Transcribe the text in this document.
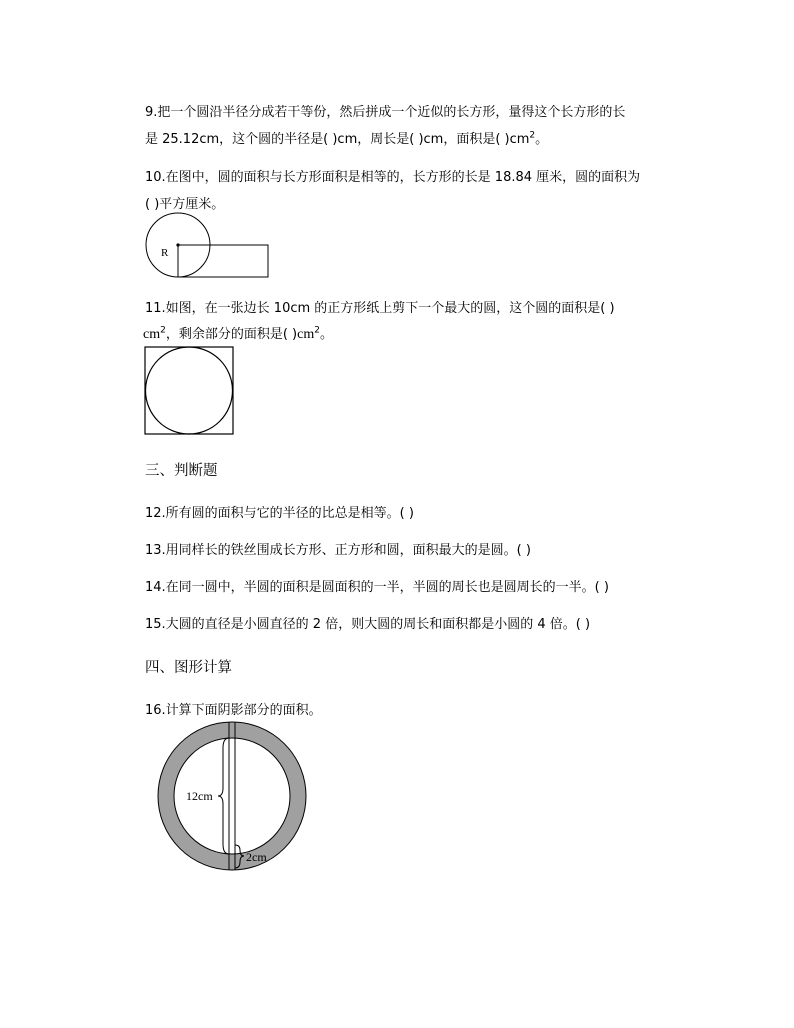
9.把一个圆沿半径分成若干等份，然后拼成一个近似的长方形，量得这个长方形的长
是 25.12cm，这个圆的半径是( )cm，周长是( )cm，面积是( )$cm^2$。
10.在图中，圆的面积与长方形面积是相等的，长方形的长是 18.84 厘米，圆的面积为
( )平方厘米。
R
11.如图，在一张边长 10cm 的正方形纸上剪下一个最大的圆，这个圆的面积是( )
$cm^2$，剩余部分的面积是( )$cm^2$。
三、判断题
12.所有圆的面积与它的半径的比总是相等。( )
13.用同样长的铁丝围成长方形、正方形和圆，面积最大的是圆。( )
14.在同一圆中，半圆的面积是圆面积的一半，半圆的周长也是圆周长的一半。( )
15.大圆的直径是小圆直径的 2 倍，则大圆的周长和面积都是小圆的 4 倍。( )
四、图形计算
16.计算下面阴影部分的面积。
12cm
2cm
